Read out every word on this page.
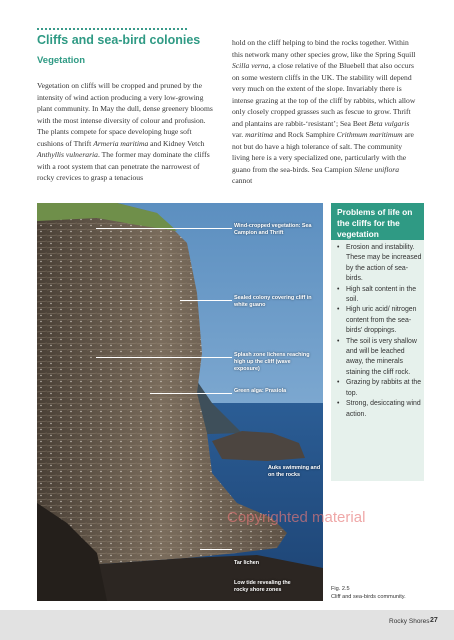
Cliffs and sea-bird colonies
Vegetation

Vegetation on cliffs will be cropped and pruned by the intensity of wind action producing a very low-growing plant community. In May the dull, dense greenery blooms with the most intense diversity of colour and profusion. The plants compete for space developing huge soft cushions of Thrift Armeria maritima and Kidney Vetch Anthyllis vulneraria. The former may dominate the cliffs with a root system that can penetrate the narrowest of rocky crevices to grasp a tenacious

hold on the cliff helping to bind the rocks together. Within this network many other species grow, like the Spring Squill Scilla verna, a close relative of the Bluebell that also occurs on some western cliffs in the UK. The stability will depend very much on the extent of the slope. Invariably there is intense grazing at the top of the cliff by rabbits, which allow only closely cropped grasses such as fescue to grow. Thrift and plantains are rabbit-‘resistant’; Sea Beet Beta vulgaris var. maritima and Rock Samphire Crithmum maritimum are not but do have a high tolerance of salt. The community living here is a very specialized one, particularly with the guano from the sea-birds. Sea Campion Silene uniflora cannot

Copyrighted material
Wind-cropped vegetation: Sea Campion and Thrift
Sealed colony covering cliff in white guano
Splash zone lichens reaching high up the cliff (wave exposure)
Green alga: Prasiola
Auks swimming and on the rocks
Tar lichen
Low tide revealing the rocky shore zones
Problems of life on the cliffs for the vegetation
• Erosion and instability. These may be increased by the action of sea-birds.
• High salt content in the soil.
• High uric acid/ nitrogen content from the sea-birds’ droppings.
• The soil is very shallow and will be leached away, the minerals staining the cliff rock.
• Grazing by rabbits at the top.
• Strong, desiccating wind action.
Fig. 2.5
Cliff and sea-birds community.
Rocky Shores 27
